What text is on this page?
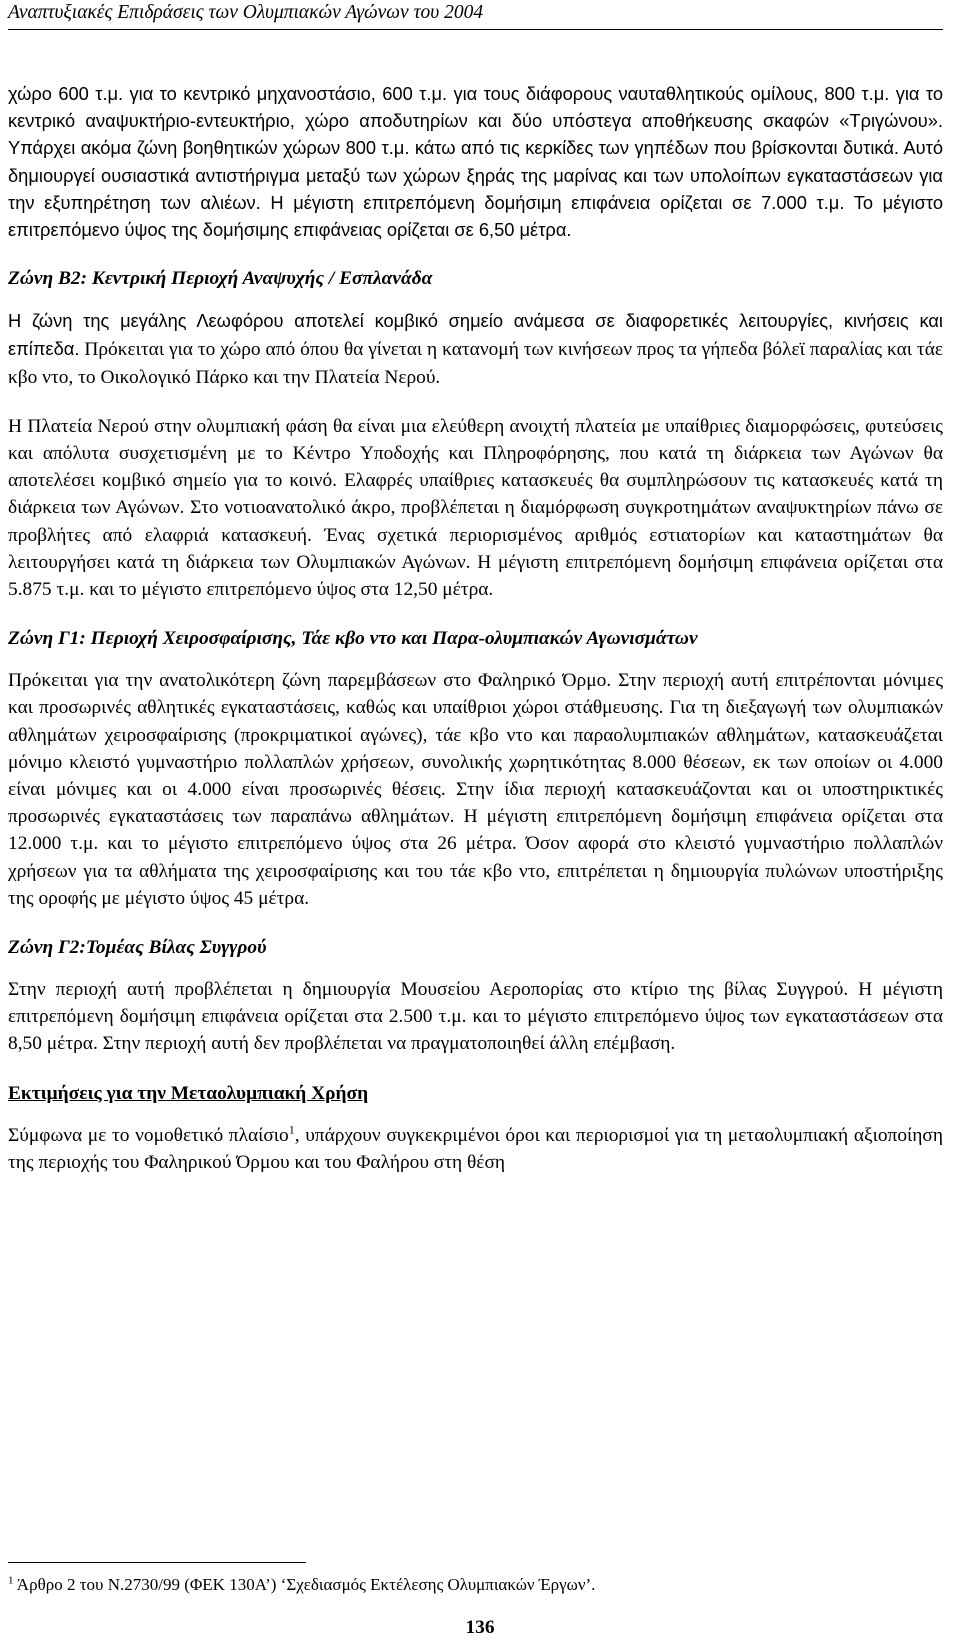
Αναπτυξιακές Επιδράσεις των Ολυμπιακών Αγώνων του 2004

χώρο 600 τ.μ. για το κεντρικό μηχανοστάσιο, 600 τ.μ. για τους διάφορους ναυταθλητικούς ομίλους, 800 τ.μ. για το κεντρικό αναψυκτήριο-εντευκτήριο, χώρο αποδυτηρίων και δύο υπόστεγα αποθήκευσης σκαφών «Τριγώνου». Υπάρχει ακόμα ζώνη βοηθητικών χώρων 800 τ.μ. κάτω από τις κερκίδες των γηπέδων που βρίσκονται δυτικά. Αυτό δημιουργεί ουσιαστικά αντιστήριγμα μεταξύ των χώρων ξηράς της μαρίνας και των υπολοίπων εγκαταστάσεων για την εξυπηρέτηση των αλιέων. Η μέγιστη επιτρεπόμενη δομήσιμη επιφάνεια ορίζεται σε 7.000 τ.μ. Το μέγιστο επιτρεπόμενο ύψος της δομήσιμης επιφάνειας ορίζεται σε 6,50 μέτρα.

Ζώνη Β2: Κεντρική Περιοχή Αναψυχής / Εσπλανάδα

Η ζώνη της μεγάλης Λεωφόρου αποτελεί κομβικό σημείο ανάμεσα σε διαφορετικές λειτουργίες, κινήσεις και επίπεδα. Πρόκειται για το χώρο από όπου θα γίνεται η κατανομή των κινήσεων προς τα γήπεδα βόλεϊ παραλίας και τάε κβο ντο, το Οικολογικό Πάρκο και την Πλατεία Νερού.

Η Πλατεία Νερού στην ολυμπιακή φάση θα είναι μια ελεύθερη ανοιχτή πλατεία με υπαίθριες διαμορφώσεις, φυτεύσεις και απόλυτα συσχετισμένη με το Κέντρο Υποδοχής και Πληροφόρησης, που κατά τη διάρκεια των Αγώνων θα αποτελέσει κομβικό σημείο για το κοινό. Ελαφρές υπαίθριες κατασκευές θα συμπληρώσουν τις κατασκευές κατά τη διάρκεια των Αγώνων. Στο νοτιοανατολικό άκρο, προβλέπεται η διαμόρφωση συγκροτημάτων αναψυκτηρίων πάνω σε προβλήτες από ελαφριά κατασκευή. Ένας σχετικά περιορισμένος αριθμός εστιατορίων και καταστημάτων θα λειτουργήσει κατά τη διάρκεια των Ολυμπιακών Αγώνων. Η μέγιστη επιτρεπόμενη δομήσιμη επιφάνεια ορίζεται στα 5.875 τ.μ. και το μέγιστο επιτρεπόμενο ύψος στα 12,50 μέτρα.

Ζώνη Γ1: Περιοχή Χειροσφαίρισης, Τάε κβο ντο και Παρα-ολυμπιακών Αγωνισμάτων

Πρόκειται για την ανατολικότερη ζώνη παρεμβάσεων στο Φαληρικό Όρμο. Στην περιοχή αυτή επιτρέπονται μόνιμες και προσωρινές αθλητικές εγκαταστάσεις, καθώς και υπαίθριοι χώροι στάθμευσης. Για τη διεξαγωγή των ολυμπιακών αθλημάτων χειροσφαίρισης (προκριματικοί αγώνες), τάε κβο ντο και παραολυμπιακών αθλημάτων, κατασκευάζεται μόνιμο κλειστό γυμναστήριο πολλαπλών χρήσεων, συνολικής χωρητικότητας 8.000 θέσεων, εκ των οποίων οι 4.000 είναι μόνιμες και οι 4.000 είναι προσωρινές θέσεις. Στην ίδια περιοχή κατασκευάζονται και οι υποστηρικτικές προσωρινές εγκαταστάσεις των παραπάνω αθλημάτων. Η μέγιστη επιτρεπόμενη δομήσιμη επιφάνεια ορίζεται στα 12.000 τ.μ. και το μέγιστο επιτρεπόμενο ύψος στα 26 μέτρα. Όσον αφορά στο κλειστό γυμναστήριο πολλαπλών χρήσεων για τα αθλήματα της χειροσφαίρισης και του τάε κβο ντο, επιτρέπεται η δημιουργία πυλώνων υποστήριξης της οροφής με μέγιστο ύψος 45 μέτρα.

Ζώνη Γ2:Τομέας Βίλας Συγγρού

Στην περιοχή αυτή προβλέπεται η δημιουργία Μουσείου Αεροπορίας στο κτίριο της βίλας Συγγρού. Η μέγιστη επιτρεπόμενη δομήσιμη επιφάνεια ορίζεται στα 2.500 τ.μ. και το μέγιστο επιτρεπόμενο ύψος των εγκαταστάσεων στα 8,50 μέτρα. Στην περιοχή αυτή δεν προβλέπεται να πραγματοποιηθεί άλλη επέμβαση.

Εκτιμήσεις για την Μεταολυμπιακή Χρήση

Σύμφωνα με το νομοθετικό πλαίσιο$^1$, υπάρχουν συγκεκριμένοι όροι και περιορισμοί για τη μεταολυμπιακή αξιοποίηση της περιοχής του Φαληρικού Όρμου και του Φαλήρου στη θέση

$^1$ Άρθρο 2 του Ν.2730/99 (ΦΕΚ 130Α’) ‘Σχεδιασμός Εκτέλεσης Ολυμπιακών Έργων’.
136
